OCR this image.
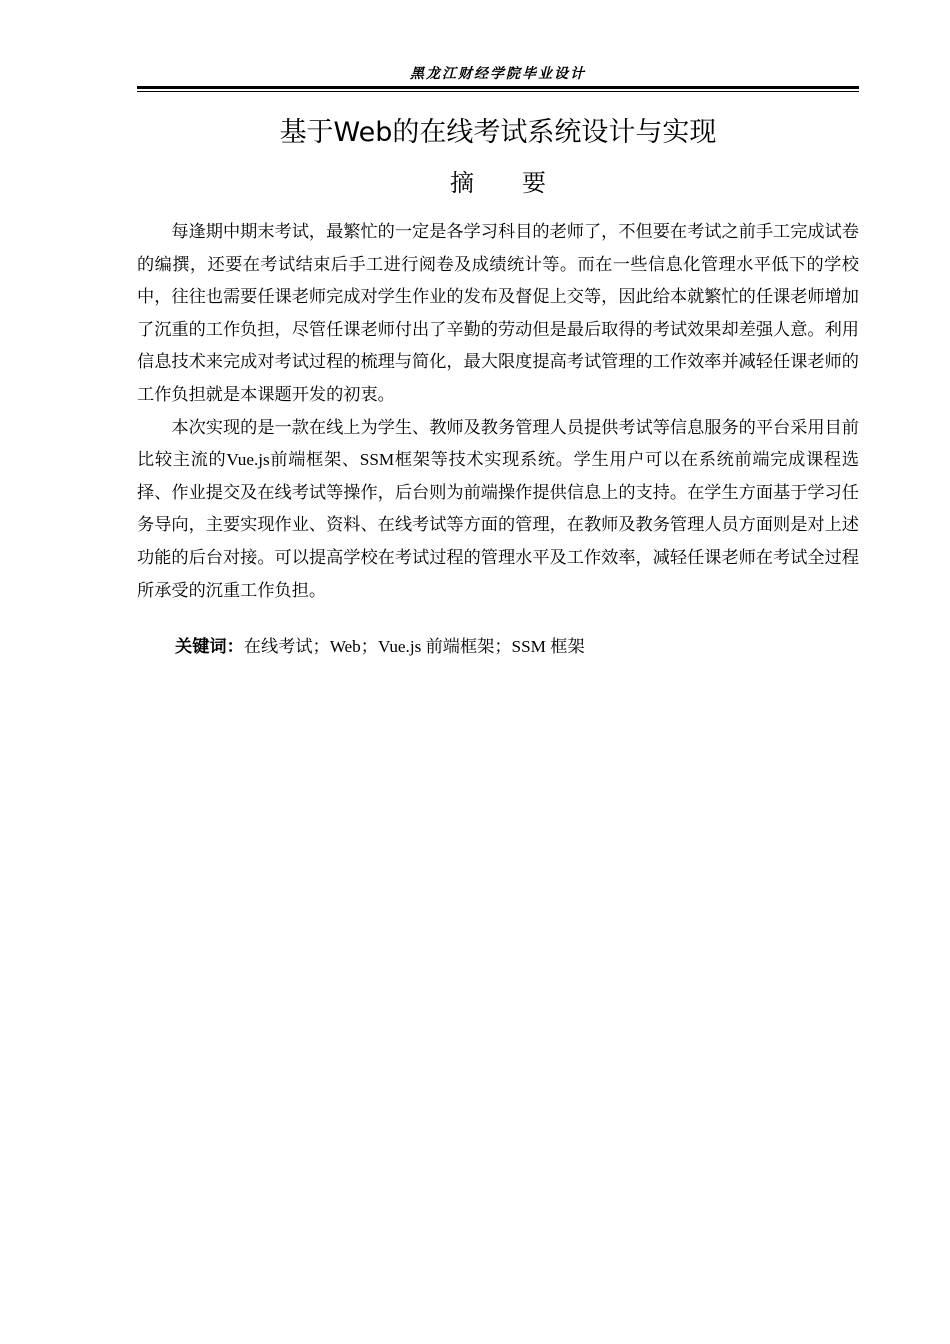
黑龙江财经学院毕业设计
基于Web的在线考试系统设计与实现
摘要

每逢期中期末考试，最繁忙的一定是各学习科目的老师了，不但要在考试之前手工完成试卷的编撰，还要在考试结束后手工进行阅卷及成绩统计等。而在一些信息化管理水平低下的学校中，往往也需要任课老师完成对学生作业的发布及督促上交等，因此给本就繁忙的任课老师增加了沉重的工作负担，尽管任课老师付出了辛勤的劳动但是最后取得的考试效果却差强人意。利用信息技术来完成对考试过程的梳理与简化，最大限度提高考试管理的工作效率并减轻任课老师的工作负担就是本课题开发的初衷。

本次实现的是一款在线上为学生、教师及教务管理人员提供考试等信息服务的平台采用目前比较主流的Vue.js前端框架、SSM框架等技术实现系统。学生用户可以在系统前端完成课程选择、作业提交及在线考试等操作，后台则为前端操作提供信息上的支持。在学生方面基于学习任务导向，主要实现作业、资料、在线考试等方面的管理，在教师及教务管理人员方面则是对上述功能的后台对接。可以提高学校在考试过程的管理水平及工作效率，减轻任课老师在考试全过程所承受的沉重工作负担。

关键词：在线考试；Web；Vue.js 前端框架；SSM 框架
